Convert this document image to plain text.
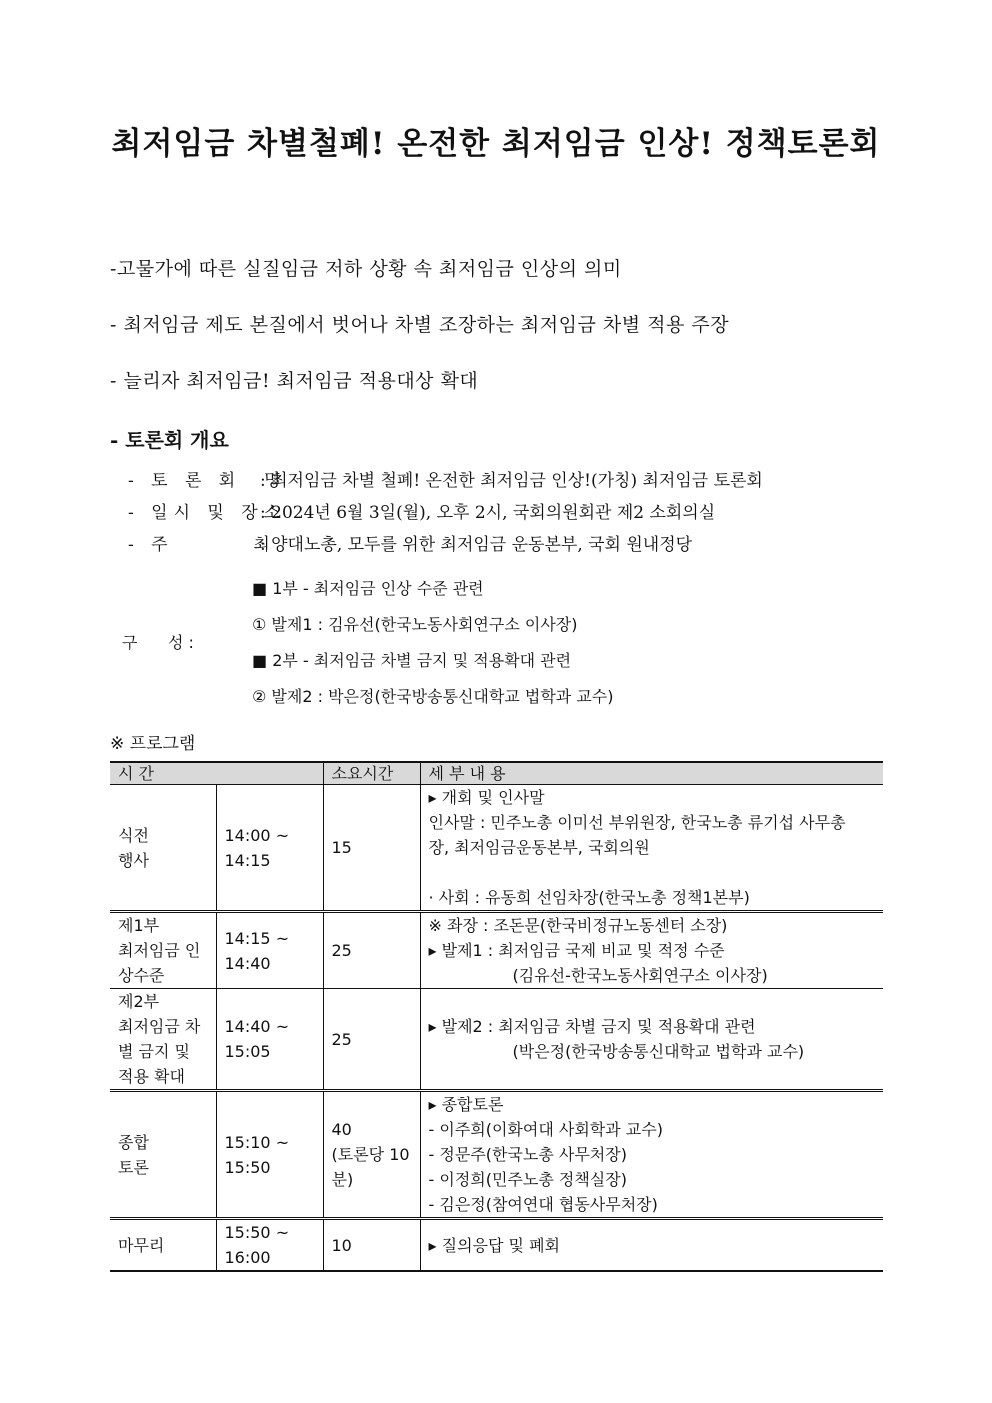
최저임금 차별철폐! 온전한 최저임금 인상! 정책토론회
-고물가에 따른 실질임금 저하 상황 속 최저임금 인상의 의미
- 최저임금 제도 본질에서 벗어나 차별 조장하는 최저임금 차별 적용 주장
- 늘리자 최저임금! 최저임금 적용대상 확대
- 토론회 개요
- 토 론 회  명: 최저임금 차별 철폐! 온전한 최저임금 인상!(가칭) 최저임금 토론회
- 일시 및 장소: 2024년 6월 3일(월), 오후 2시, 국회의원회관 제2 소회의실
- 주       최: 양대노총, 모두를 위한 최저임금 운동본부, 국회 원내정당
구      성 :
■ 1부 - 최저임금 인상 수준 관련
① 발제1 : 김유선(한국노동사회연구소 이사장)
■ 2부 - 최저임금 차별 금지 및 적용확대 관련
② 발제2 : 박은정(한국방송통신대학교 법학과 교수)
※ 프로그램
시 간		소요시간	세 부 내 용

식전
행사	14:00 ~
14:15	15	▸ 개회 및 인사말
인사말 : 민주노총 이미선 부위원장, 한국노총 류기섭 사무총
장, 최저임금운동본부, 국회의원

· 사회 : 유동희 선임차장(한국노총 정책1본부)

제1부
최저임금 인
상수준	14:15 ~
14:40	25	※ 좌장 : 조돈문(한국비정규노동센터 소장)
▸ 발제1 : 최저임금 국제 비교 및 적정 수준
(김유선-한국노동사회연구소 이사장)

제2부
최저임금 차
별 금지 및
적용 확대	14:40 ~
15:05	25	▸ 발제2 : 최저임금 차별 금지 및 적용확대 관련
(박은정(한국방송통신대학교 법학과 교수)

종합
토론	15:10 ~
15:50	40
(토론당 10
분)	▸ 종합토론
- 이주희(이화여대 사회학과 교수)
- 정문주(한국노총 사무처장)
- 이정희(민주노총 정책실장)
- 김은정(참여연대 협동사무처장)

마무리	15:50 ~
16:00	10	▸ 질의응답 및 폐회
